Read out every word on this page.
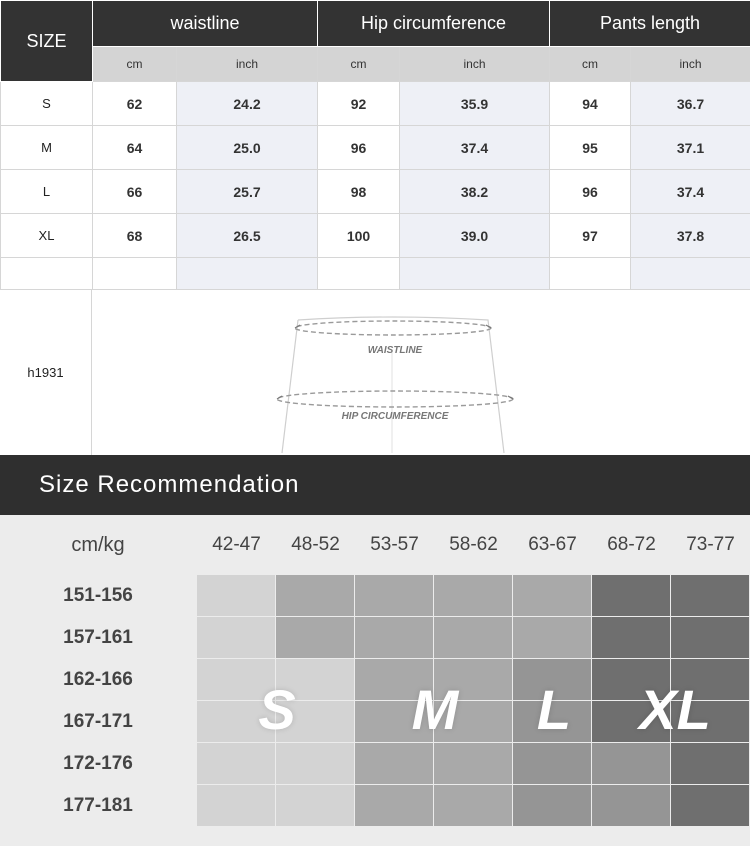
SIZE	waistline		Hip circumference		Pants length	
	cm	inch	cm	inch	cm	inch
S	62	24.2	92	35.9	94	36.7
M	64	25.0	96	37.4	95	37.1
L	66	25.7	98	38.2	96	37.4
XL	68	26.5	100	39.0	97	37.8

h1931
WAISTLINE
HIP CIRCUMFERENCE
Size Recommendation
cm/kg	42-47	48-52	53-57	58-62	63-67	68-72	73-77
151-156
157-161
162-166
167-171
172-176
177-181
S	M	L	XL
